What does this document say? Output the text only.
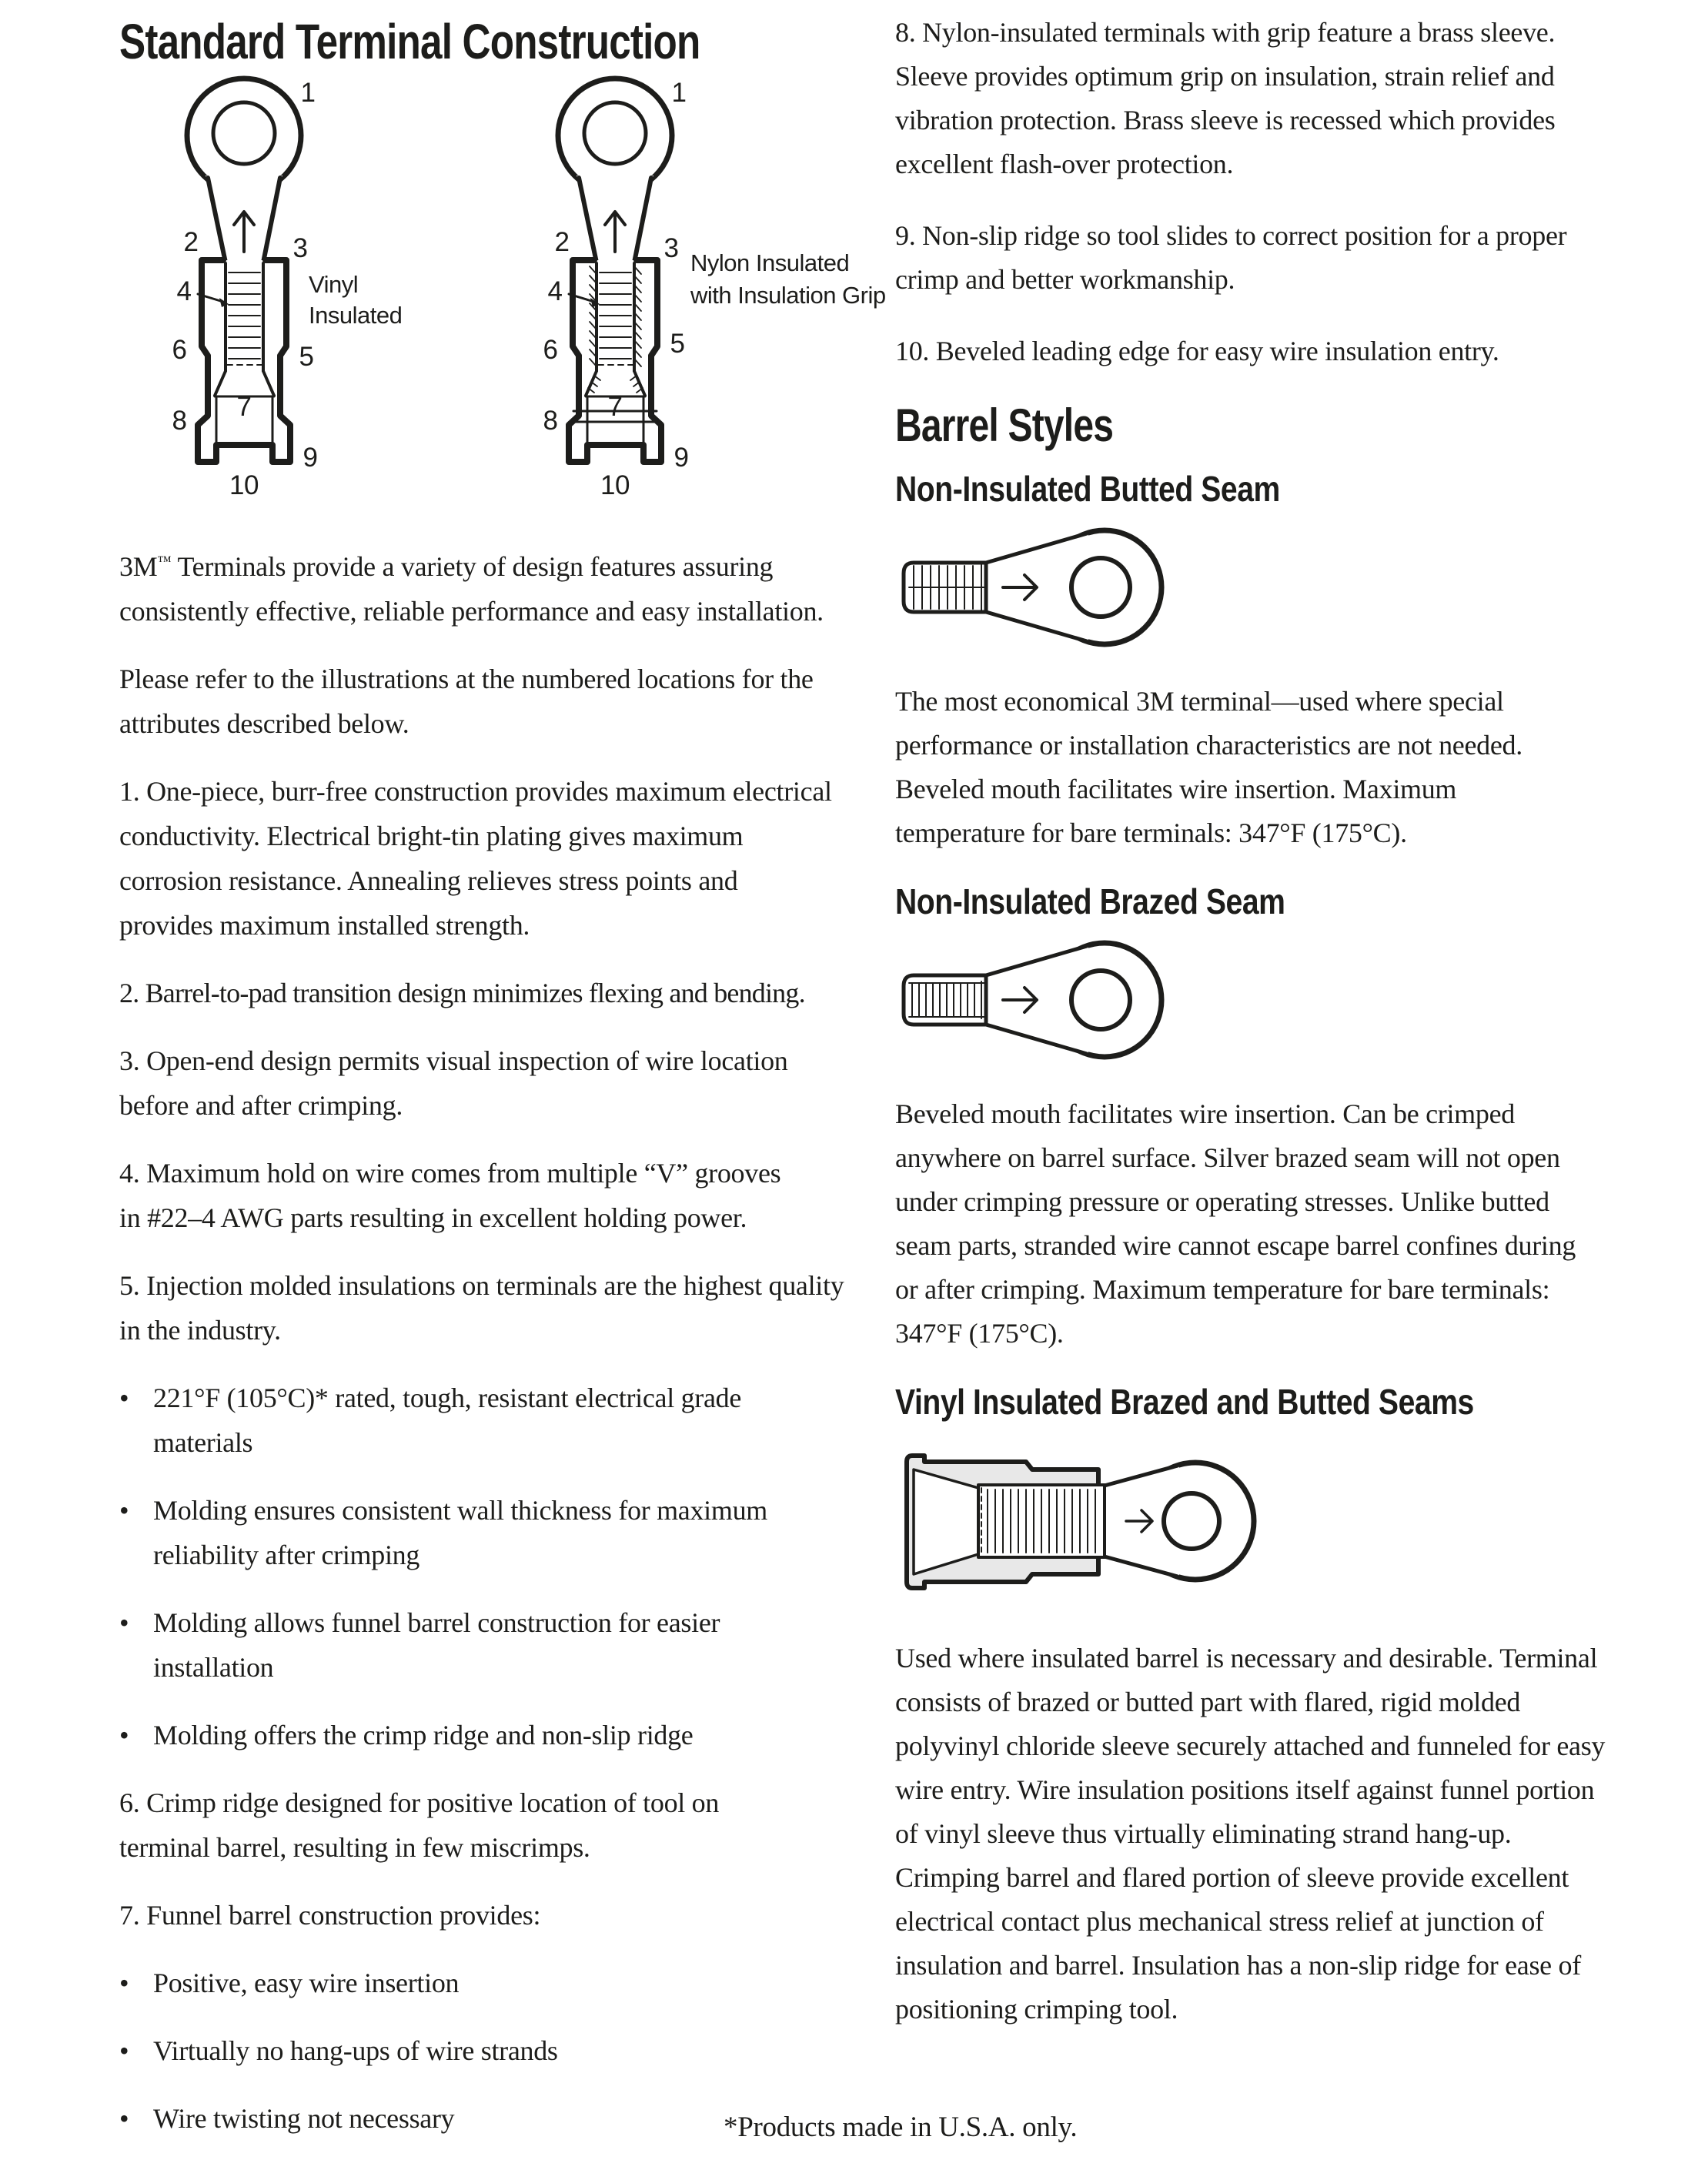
Standard Terminal Construction
1
2	3
4
6	5
7
8
9
10
Vinyl
Insulated
1
2	3
4
6	5
7
8
9
10
Nylon Insulated
with Insulation Grip

3M™ Terminals provide a variety of design features assuring consistently effective, reliable performance and easy installation.

Please refer to the illustrations at the numbered locations for the attributes described below.

1. One-piece, burr-free construction provides maximum electrical conductivity. Electrical bright-tin plating gives maximum corrosion resistance. Annealing relieves stress points and provides maximum installed strength.

2. Barrel-to-pad transition design minimizes flexing and bending.

3. Open-end design permits visual inspection of wire location before and after crimping.

4. Maximum hold on wire comes from multiple “V” grooves in #22–4 AWG parts resulting in excellent holding power.

5. Injection molded insulations on terminals are the highest quality in the industry.

• 221°F (105°C)* rated, tough, resistant electrical grade materials
• Molding ensures consistent wall thickness for maximum reliability after crimping
• Molding allows funnel barrel construction for easier installation
• Molding offers the crimp ridge and non-slip ridge

6. Crimp ridge designed for positive location of tool on terminal barrel, resulting in few miscrimps.

7. Funnel barrel construction provides:

• Positive, easy wire insertion
• Virtually no hang-ups of wire strands
• Wire twisting not necessary

8. Nylon-insulated terminals with grip feature a brass sleeve. Sleeve provides optimum grip on insulation, strain relief and vibration protection. Brass sleeve is recessed which provides excellent flash-over protection.

9. Non-slip ridge so tool slides to correct position for a proper crimp and better workmanship.

10. Beveled leading edge for easy wire insulation entry.

Barrel Styles
Non-Insulated Butted Seam

The most economical 3M terminal—used where special performance or installation characteristics are not needed. Beveled mouth facilitates wire insertion. Maximum temperature for bare terminals: 347°F (175°C).

Non-Insulated Brazed Seam

Beveled mouth facilitates wire insertion. Can be crimped anywhere on barrel surface. Silver brazed seam will not open under crimping pressure or operating stresses. Unlike butted seam parts, stranded wire cannot escape barrel confines during or after crimping. Maximum temperature for bare terminals: 347°F (175°C).

Vinyl Insulated Brazed and Butted Seams

Used where insulated barrel is necessary and desirable. Terminal consists of brazed or butted part with flared, rigid molded polyvinyl chloride sleeve securely attached and funneled for easy wire entry. Wire insulation positions itself against funnel portion of vinyl sleeve thus virtually eliminating strand hang-up. Crimping barrel and flared portion of sleeve provide excellent electrical contact plus mechanical stress relief at junction of insulation and barrel. Insulation has a non-slip ridge for ease of positioning crimping tool.

*Products made in U.S.A. only.
